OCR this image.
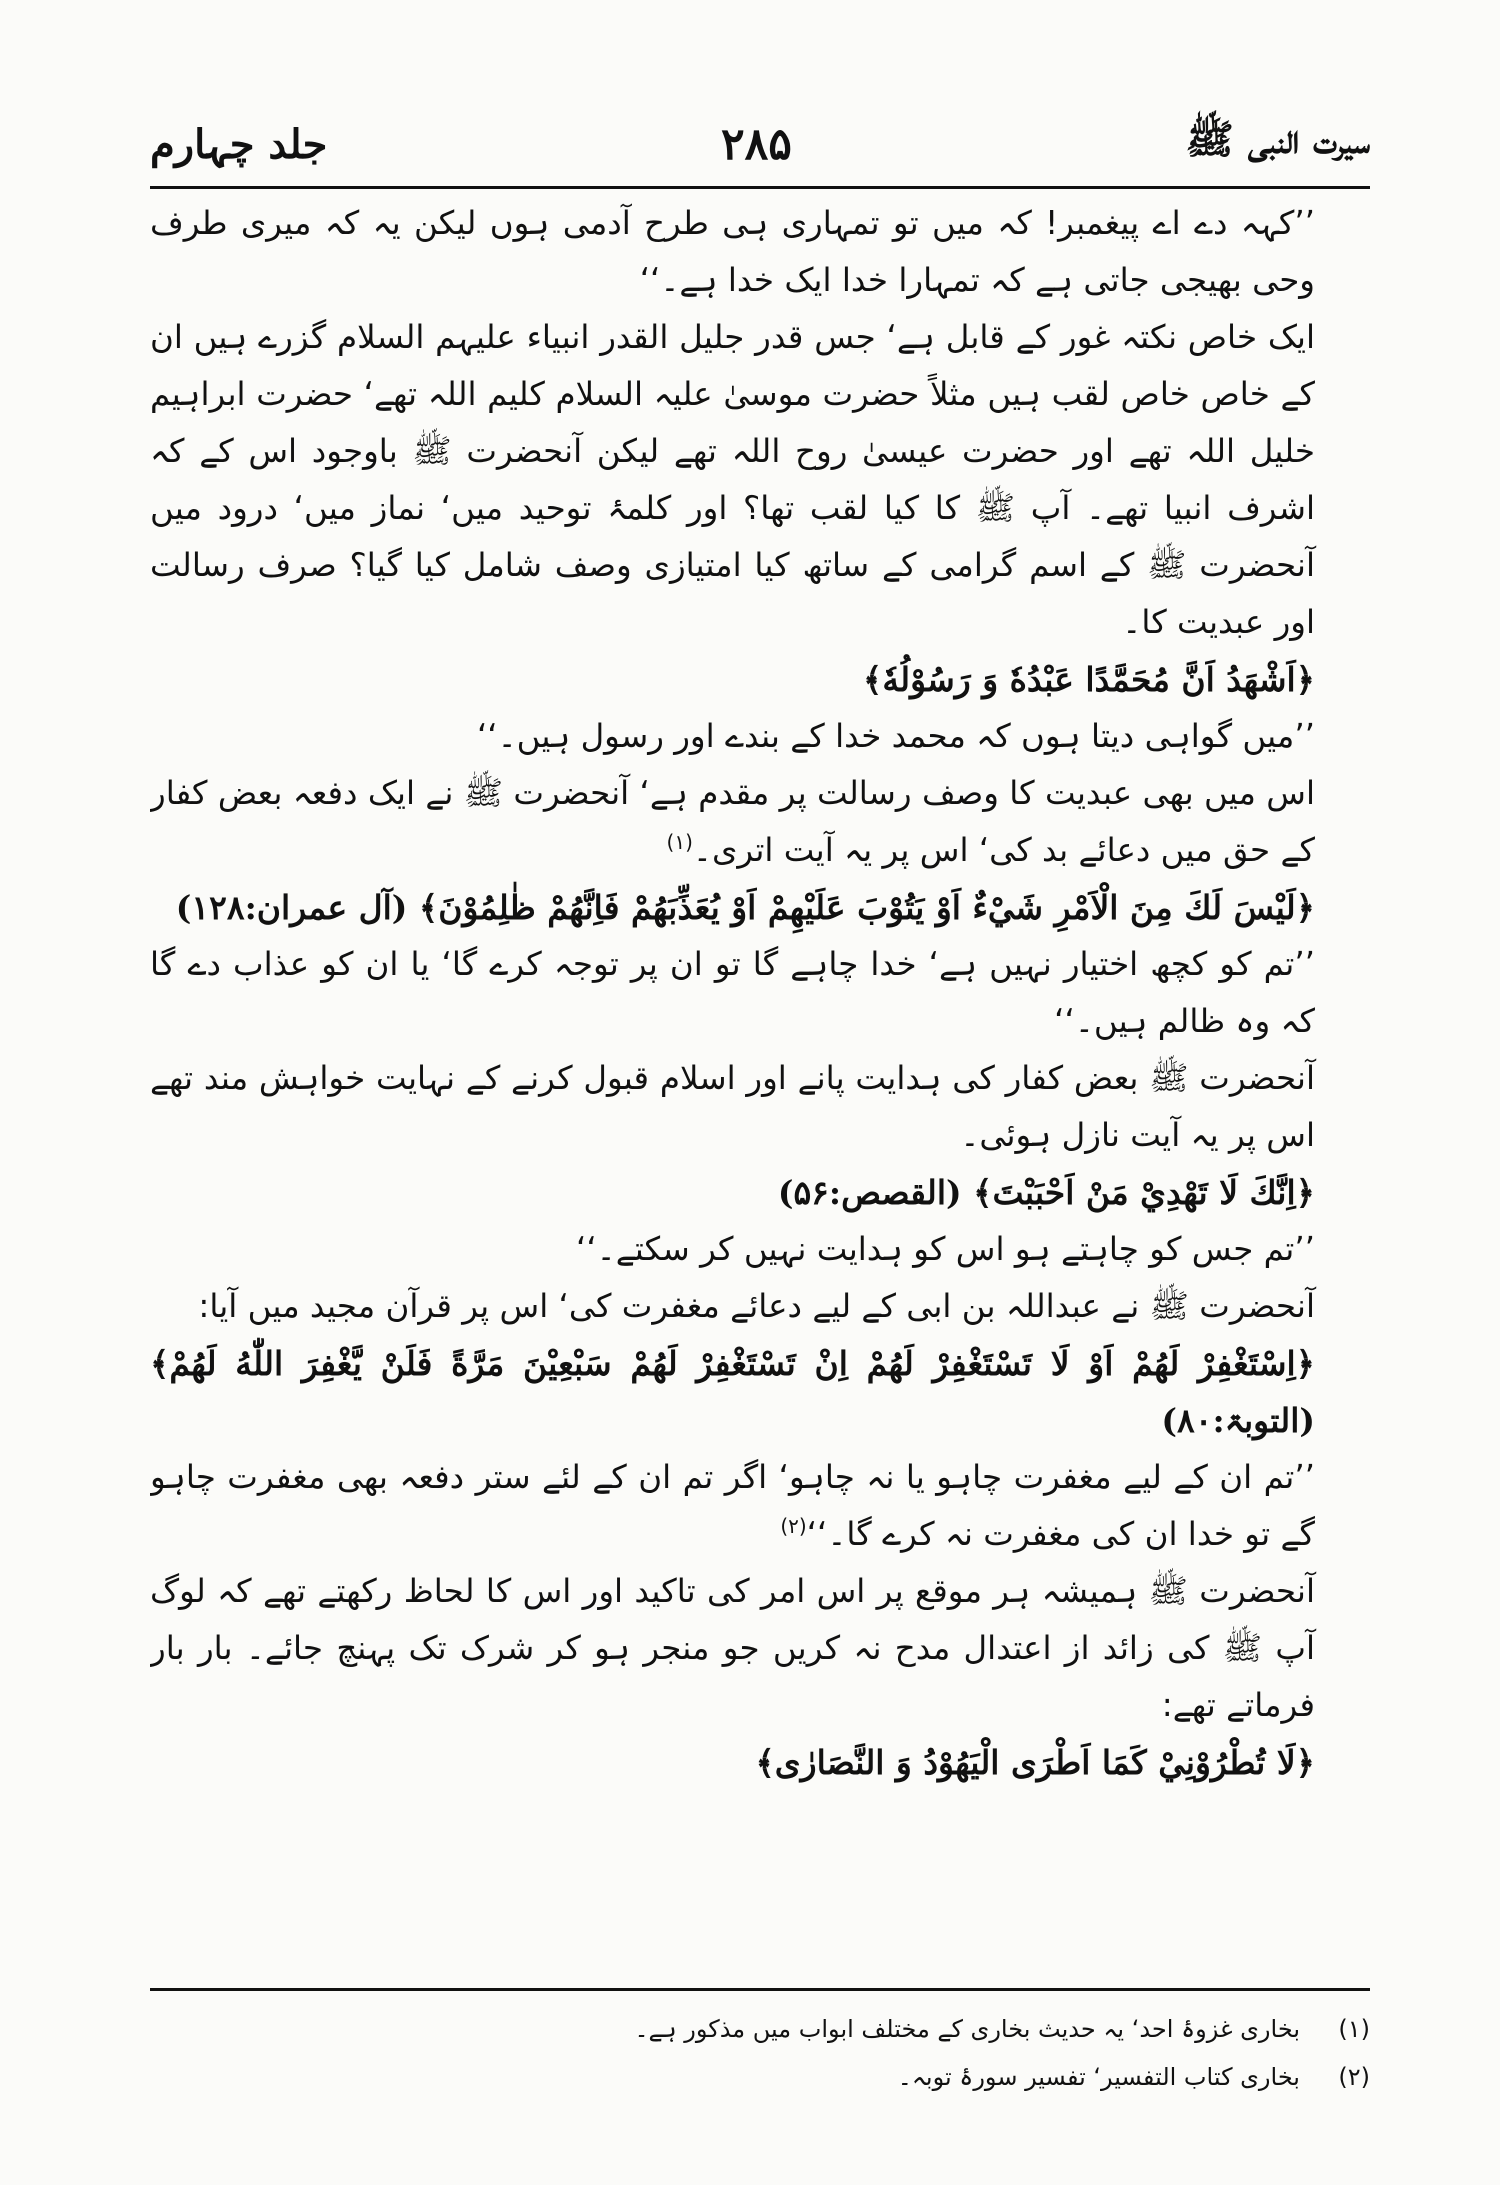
سیرت النبی ﷺ
۲۸۵
جلد چہارم

’’کہہ دے اے پیغمبر! کہ میں تو تمہاری ہی طرح آدمی ہوں لیکن یہ کہ میری طرف وحی بھیجی جاتی ہے کہ تمہارا خدا ایک خدا ہے۔‘‘

ایک خاص نکتہ غور کے قابل ہے‘ جس قدر جلیل القدر انبیاء علیہم السلام گزرے ہیں ان کے خاص خاص لقب ہیں مثلاً حضرت موسیٰ علیہ السلام کلیم اللہ تھے‘ حضرت ابراہیم خلیل اللہ تھے اور حضرت عیسیٰ روح اللہ تھے لیکن آنحضرت ﷺ باوجود اس کے کہ اشرف انبیا تھے۔ آپ ﷺ کا کیا لقب تھا؟ اور کلمۂ توحید میں‘ نماز میں‘ درود میں آنحضرت ﷺ کے اسم گرامی کے ساتھ کیا امتیازی وصف شامل کیا گیا؟ صرف رسالت اور عبدیت کا۔

﴿اَشْهَدُ اَنَّ مُحَمَّدًا عَبْدُهٗ وَ رَسُوْلُهٗ﴾

’’میں گواہی دیتا ہوں کہ محمد خدا کے بندے اور رسول ہیں۔‘‘

اس میں بھی عبدیت کا وصف رسالت پر مقدم ہے‘ آنحضرت ﷺ نے ایک دفعہ بعض کفار کے حق میں دعائے بد کی‘ اس پر یہ آیت اتری۔$^{(۱)}$

﴿لَيْسَ لَكَ مِنَ الْاَمْرِ شَيْءٌ اَوْ يَتُوْبَ عَلَيْهِمْ اَوْ يُعَذِّبَهُمْ فَاِنَّهُمْ ظٰلِمُوْنَ﴾ (آل عمران:۱۲۸)

’’تم کو کچھ اختیار نہیں ہے‘ خدا چاہے گا تو ان پر توجہ کرے گا‘ یا ان کو عذاب دے گا کہ وہ ظالم ہیں۔‘‘

آنحضرت ﷺ بعض کفار کی ہدایت پانے اور اسلام قبول کرنے کے نہایت خواہش مند تھے اس پر یہ آیت نازل ہوئی۔

﴿اِنَّكَ لَا تَهْدِيْ مَنْ اَحْبَبْتَ﴾ (القصص:۵۶)

’’تم جس کو چاہتے ہو اس کو ہدایت نہیں کر سکتے۔‘‘

آنحضرت ﷺ نے عبداللہ بن ابی کے لیے دعائے مغفرت کی‘ اس پر قرآن مجید میں آیا:

﴿اِسْتَغْفِرْ لَهُمْ اَوْ لَا تَسْتَغْفِرْ لَهُمْ اِنْ تَسْتَغْفِرْ لَهُمْ سَبْعِيْنَ مَرَّةً فَلَنْ يَّغْفِرَ اللّٰهُ لَهُمْ﴾ (التوبۃ:۸۰)

’’تم ان کے لیے مغفرت چاہو یا نہ چاہو‘ اگر تم ان کے لئے ستر دفعہ بھی مغفرت چاہو گے تو خدا ان کی مغفرت نہ کرے گا۔‘‘$^{(۲)}$

آنحضرت ﷺ ہمیشہ ہر موقع پر اس امر کی تاکید اور اس کا لحاظ رکھتے تھے کہ لوگ آپ ﷺ کی زائد از اعتدال مدح نہ کریں جو منجر ہو کر شرک تک پہنچ جائے۔ بار بار فرماتے تھے:

﴿لَا تُطْرُوْنِيْ كَمَا اَطْرَى الْيَهُوْدُ وَ النَّصَارٰى﴾

(۱)
بخاری غزوۂ احد‘ یہ حدیث بخاری کے مختلف ابواب میں مذکور ہے۔
(۲)
بخاری کتاب التفسیر‘ تفسیر سورۂ توبہ۔
